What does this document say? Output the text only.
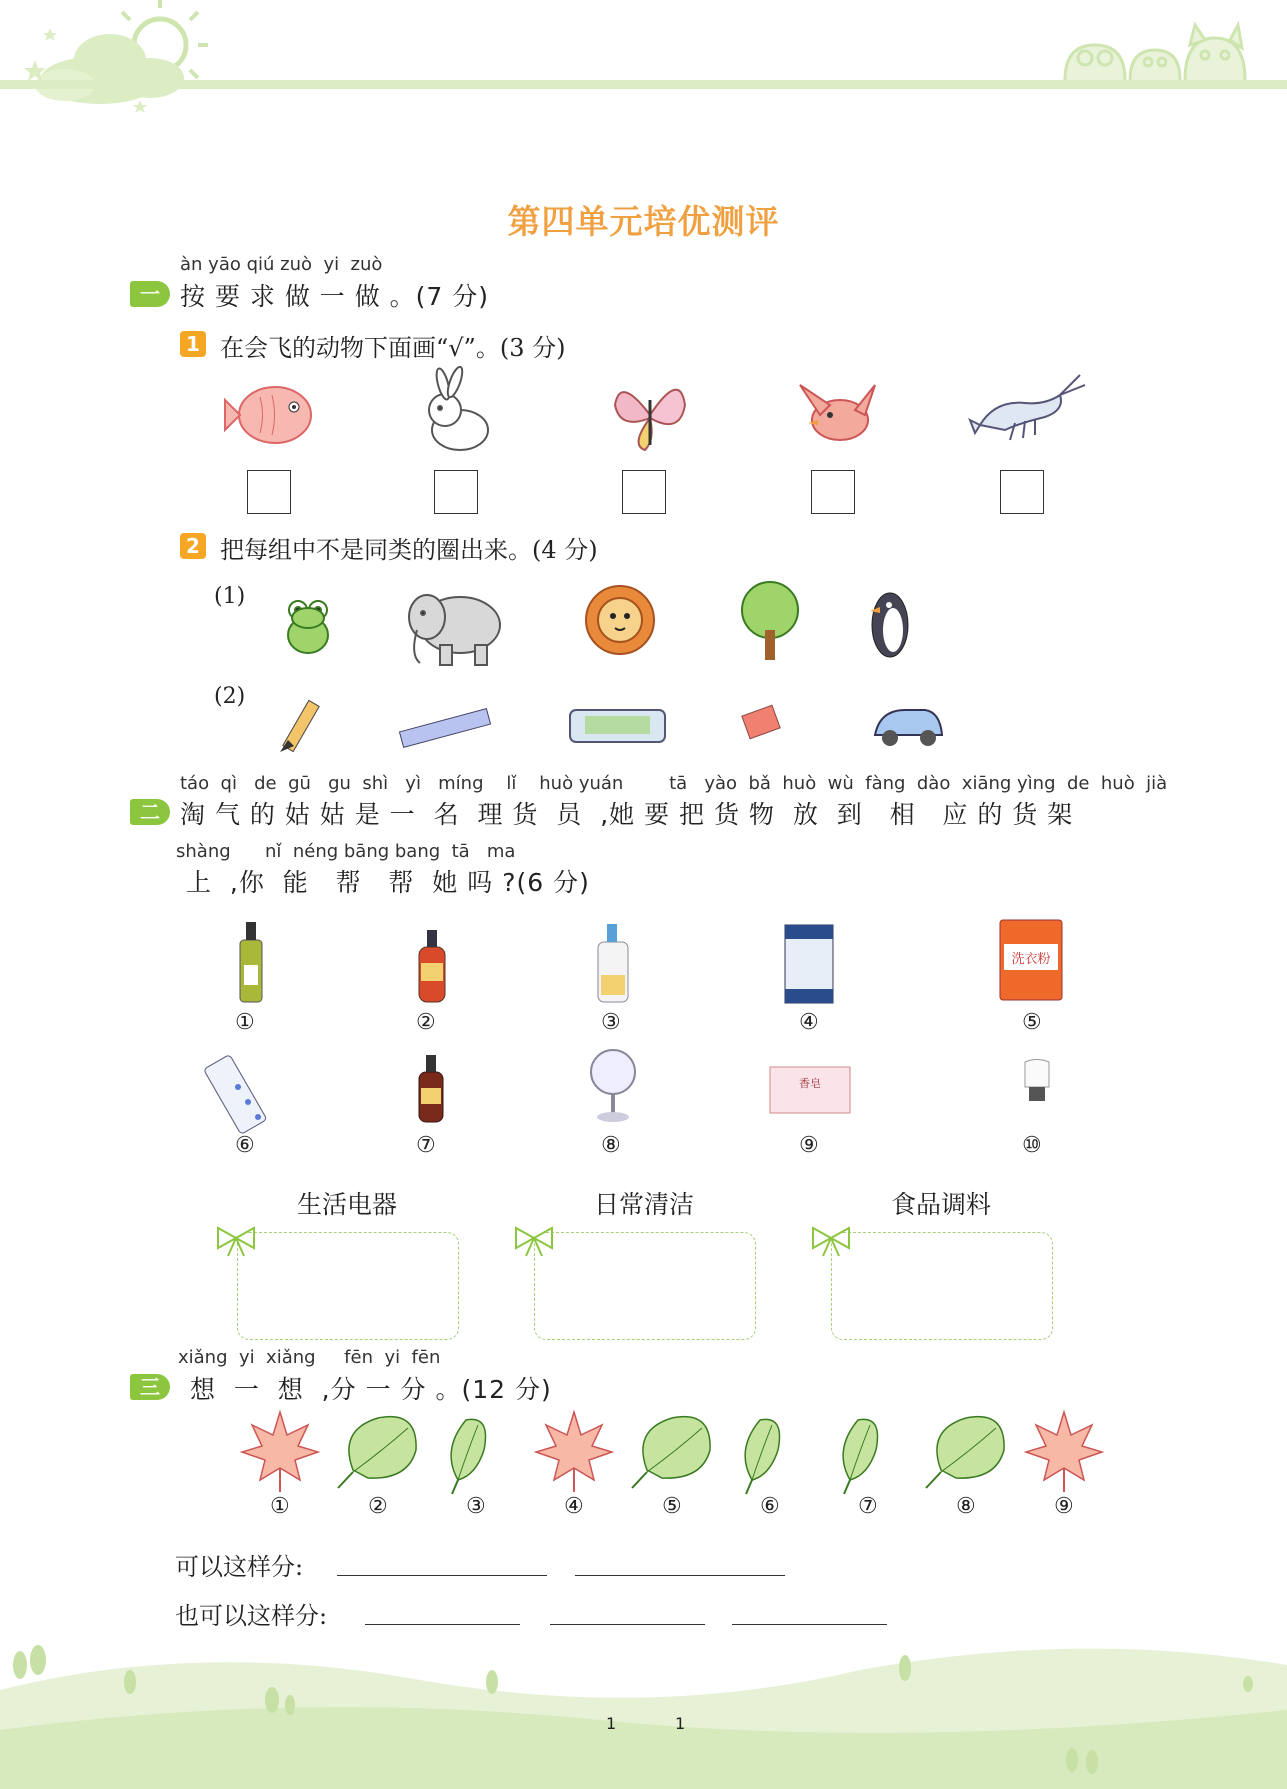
第四单元培优测评
àn yāo qiú zuò  yi  zuò
一 按 要 求 做 一 做 。(7 分)
1 在会飞的动物下面画“√”。(3 分)
2 把每组中不是同类的圈出来。(4 分)
(1)
(2)
táo  qì   de  gū   gu  shì   yì   míng    lǐ    huò yuán        tā   yào  bǎ  huò  wù  fàng  dào  xiāng yìng  de  huò  jià
二 淘 气 的 姑 姑 是 一  名  理 货  员  ,她 要 把 货 物  放  到   相   应 的 货 架
shàng      nǐ  néng bāng bang  tā   ma
上  ,你  能   帮   帮  她 吗 ?(6 分)
洗衣粉
①	②	③	④	⑤
香皂
⑥	⑦	⑧	⑨	⑩
生活电器	日常清洁	食品调料
xiǎng  yi  xiǎng     fēn  yi  fēn
三	想  一  想  ,分 一 分 。(12 分)
①	②	③	④	⑤	⑥	⑦	⑧	⑨
可以这样分:
也可以这样分:
1	1
